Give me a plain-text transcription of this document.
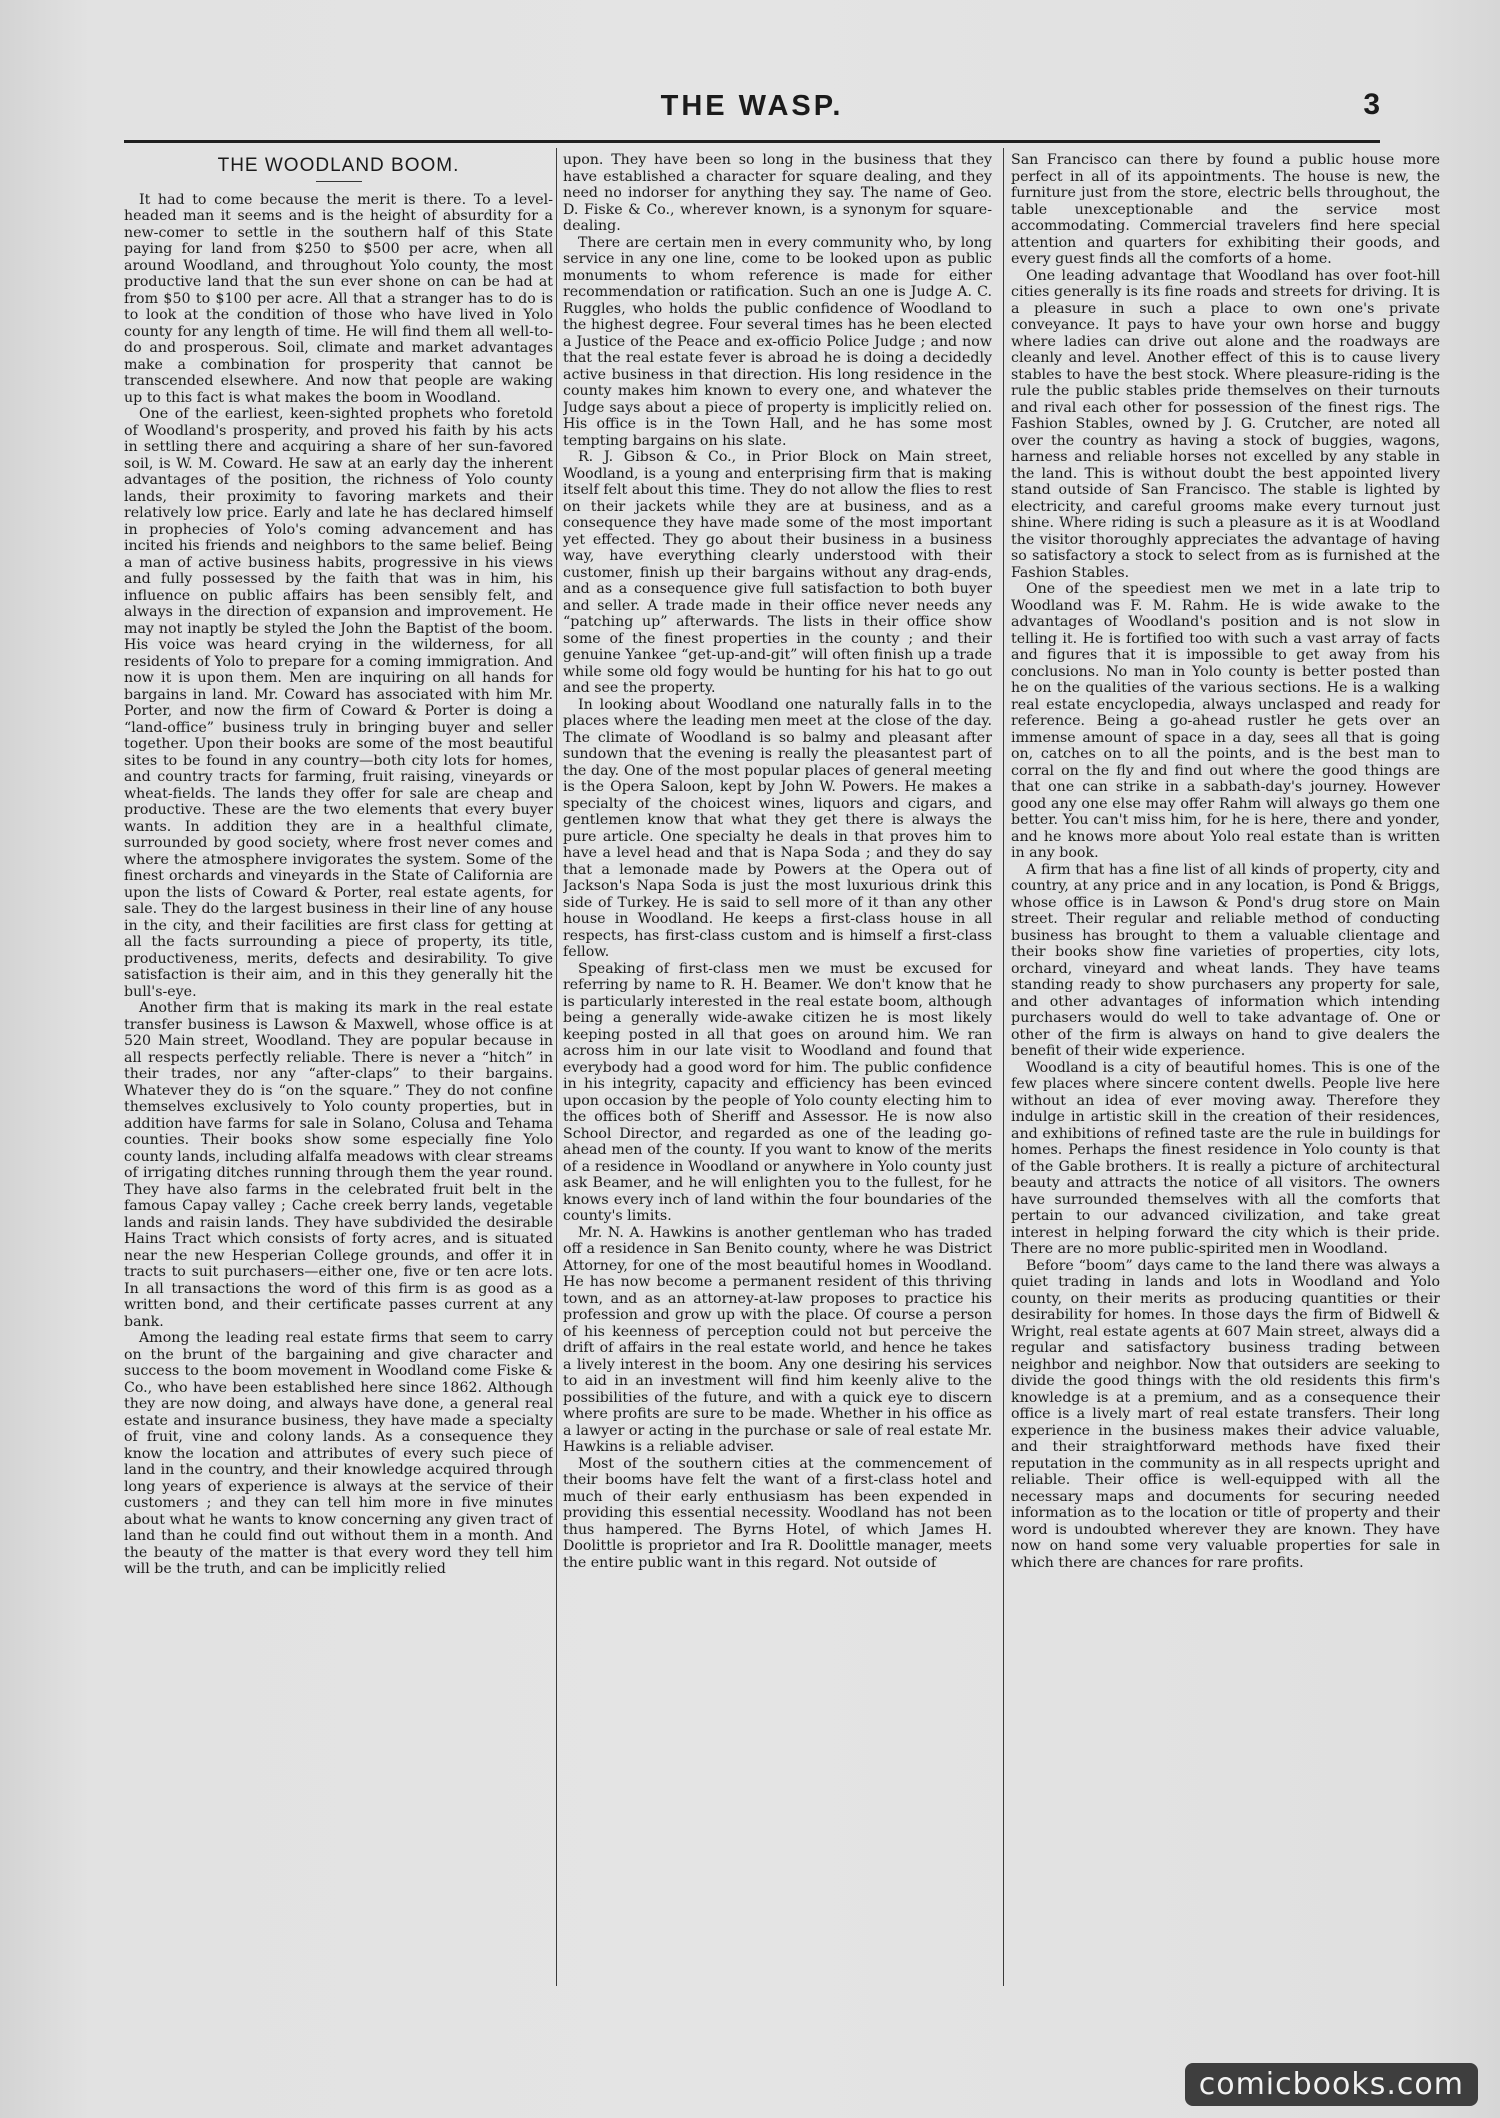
THE WASP.	3
THE WOODLAND BOOM.

It had to come because the merit is there. To a level-headed man it seems and is the height of absurdity for a new-comer to settle in the southern half of this State paying for land from $250 to $500 per acre, when all around Woodland, and throughout Yolo county, the most productive land that the sun ever shone on can be had at from $50 to $100 per acre. All that a stranger has to do is to look at the condition of those who have lived in Yolo county for any length of time. He will find them all well-to-do and prosperous. Soil, climate and market advantages make a combination for prosperity that cannot be transcended elsewhere. And now that people are waking up to this fact is what makes the boom in Woodland.

One of the earliest, keen-sighted prophets who foretold of Woodland's prosperity, and proved his faith by his acts in settling there and acquiring a share of her sun-favored soil, is W. M. Coward. He saw at an early day the inherent advantages of the position, the richness of Yolo county lands, their proximity to favoring markets and their relatively low price. Early and late he has declared himself in prophecies of Yolo's coming advancement and has incited his friends and neighbors to the same belief. Being a man of active business habits, progressive in his views and fully possessed by the faith that was in him, his influence on public affairs has been sensibly felt, and always in the direction of expansion and improvement. He may not inaptly be styled the John the Baptist of the boom. His voice was heard crying in the wilderness, for all residents of Yolo to prepare for a coming immigration. And now it is upon them. Men are inquiring on all hands for bargains in land. Mr. Coward has associated with him Mr. Porter, and now the firm of Coward & Porter is doing a “land-office” business truly in bringing buyer and seller together. Upon their books are some of the most beautiful sites to be found in any country—both city lots for homes, and country tracts for farming, fruit raising, vineyards or wheat-fields. The lands they offer for sale are cheap and productive. These are the two elements that every buyer wants. In addition they are in a healthful climate, surrounded by good society, where frost never comes and where the atmosphere invigorates the system. Some of the finest orchards and vineyards in the State of California are upon the lists of Coward & Porter, real estate agents, for sale. They do the largest business in their line of any house in the city, and their facilities are first class for getting at all the facts surrounding a piece of property, its title, productiveness, merits, defects and desirability. To give satisfaction is their aim, and in this they generally hit the bull's-eye.

Another firm that is making its mark in the real estate transfer business is Lawson & Maxwell, whose office is at 520 Main street, Woodland. They are popular because in all respects perfectly reliable. There is never a “hitch” in their trades, nor any “after-claps” to their bargains. Whatever they do is “on the square.” They do not confine themselves exclusively to Yolo county properties, but in addition have farms for sale in Solano, Colusa and Tehama counties. Their books show some especially fine Yolo county lands, including alfalfa meadows with clear streams of irrigating ditches running through them the year round. They have also farms in the celebrated fruit belt in the famous Capay valley ; Cache creek berry lands, vegetable lands and raisin lands. They have subdivided the desirable Hains Tract which consists of forty acres, and is situated near the new Hesperian College grounds, and offer it in tracts to suit purchasers—either one, five or ten acre lots. In all transactions the word of this firm is as good as a written bond, and their certificate passes current at any bank.

Among the leading real estate firms that seem to carry on the brunt of the bargaining and give character and success to the boom movement in Woodland come Fiske & Co., who have been established here since 1862. Although they are now doing, and always have done, a general real estate and insurance business, they have made a specialty of fruit, vine and colony lands. As a consequence they know the location and attributes of every such piece of land in the country, and their knowledge acquired through long years of experience is always at the service of their customers ; and they can tell him more in five minutes about what he wants to know concerning any given tract of land than he could find out without them in a month. And the beauty of the matter is that every word they tell him will be the truth, and can be implicitly relied

upon. They have been so long in the business that they have established a character for square dealing, and they need no indorser for anything they say. The name of Geo. D. Fiske & Co., wherever known, is a synonym for square-dealing.

There are certain men in every community who, by long service in any one line, come to be looked upon as public monuments to whom reference is made for either recommendation or ratification. Such an one is Judge A. C. Ruggles, who holds the public confidence of Woodland to the highest degree. Four several times has he been elected a Justice of the Peace and ex-officio Police Judge ; and now that the real estate fever is abroad he is doing a decidedly active business in that direction. His long residence in the county makes him known to every one, and whatever the Judge says about a piece of property is implicitly relied on. His office is in the Town Hall, and he has some most tempting bargains on his slate.

R. J. Gibson & Co., in Prior Block on Main street, Woodland, is a young and enterprising firm that is making itself felt about this time. They do not allow the flies to rest on their jackets while they are at business, and as a consequence they have made some of the most important yet effected. They go about their business in a business way, have everything clearly understood with their customer, finish up their bargains without any drag-ends, and as a consequence give full satisfaction to both buyer and seller. A trade made in their office never needs any “patching up” afterwards. The lists in their office show some of the finest properties in the county ; and their genuine Yankee “get-up-and-git” will often finish up a trade while some old fogy would be hunting for his hat to go out and see the property.

In looking about Woodland one naturally falls in to the places where the leading men meet at the close of the day. The climate of Woodland is so balmy and pleasant after sundown that the evening is really the pleasantest part of the day. One of the most popular places of general meeting is the Opera Saloon, kept by John W. Powers. He makes a specialty of the choicest wines, liquors and cigars, and gentlemen know that what they get there is always the pure article. One specialty he deals in that proves him to have a level head and that is Napa Soda ; and they do say that a lemonade made by Powers at the Opera out of Jackson's Napa Soda is just the most luxurious drink this side of Turkey. He is said to sell more of it than any other house in Woodland. He keeps a first-class house in all respects, has first-class custom and is himself a first-class fellow.

Speaking of first-class men we must be excused for referring by name to R. H. Beamer. We don't know that he is particularly interested in the real estate boom, although being a generally wide-awake citizen he is most likely keeping posted in all that goes on around him. We ran across him in our late visit to Woodland and found that everybody had a good word for him. The public confidence in his integrity, capacity and efficiency has been evinced upon occasion by the people of Yolo county electing him to the offices both of Sheriff and Assessor. He is now also School Director, and regarded as one of the leading go-ahead men of the county. If you want to know of the merits of a residence in Woodland or anywhere in Yolo county just ask Beamer, and he will enlighten you to the fullest, for he knows every inch of land within the four boundaries of the county's limits.

Mr. N. A. Hawkins is another gentleman who has traded off a residence in San Benito county, where he was District Attorney, for one of the most beautiful homes in Woodland. He has now become a permanent resident of this thriving town, and as an attorney-at-law proposes to practice his profession and grow up with the place. Of course a person of his keenness of perception could not but perceive the drift of affairs in the real estate world, and hence he takes a lively interest in the boom. Any one desiring his services to aid in an investment will find him keenly alive to the possibilities of the future, and with a quick eye to discern where profits are sure to be made. Whether in his office as a lawyer or acting in the purchase or sale of real estate Mr. Hawkins is a reliable adviser.

Most of the southern cities at the commencement of their booms have felt the want of a first-class hotel and much of their early enthusiasm has been expended in providing this essential necessity. Woodland has not been thus hampered. The Byrns Hotel, of which James H. Doolittle is proprietor and Ira R. Doolittle manager, meets the entire public want in this regard. Not outside of

San Francisco can there by found a public house more perfect in all of its appointments. The house is new, the furniture just from the store, electric bells throughout, the table unexceptionable and the service most accommodating. Commercial travelers find here special attention and quarters for exhibiting their goods, and every guest finds all the comforts of a home.

One leading advantage that Woodland has over foot-hill cities generally is its fine roads and streets for driving. It is a pleasure in such a place to own one's private conveyance. It pays to have your own horse and buggy where ladies can drive out alone and the roadways are cleanly and level. Another effect of this is to cause livery stables to have the best stock. Where pleasure-riding is the rule the public stables pride themselves on their turnouts and rival each other for possession of the finest rigs. The Fashion Stables, owned by J. G. Crutcher, are noted all over the country as having a stock of buggies, wagons, harness and reliable horses not excelled by any stable in the land. This is without doubt the best appointed livery stand outside of San Francisco. The stable is lighted by electricity, and careful grooms make every turnout just shine. Where riding is such a pleasure as it is at Woodland the visitor thoroughly appreciates the advantage of having so satisfactory a stock to select from as is furnished at the Fashion Stables.

One of the speediest men we met in a late trip to Woodland was F. M. Rahm. He is wide awake to the advantages of Woodland's position and is not slow in telling it. He is fortified too with such a vast array of facts and figures that it is impossible to get away from his conclusions. No man in Yolo county is better posted than he on the qualities of the various sections. He is a walking real estate encyclopedia, always unclasped and ready for reference. Being a go-ahead rustler he gets over an immense amount of space in a day, sees all that is going on, catches on to all the points, and is the best man to corral on the fly and find out where the good things are that one can strike in a sabbath-day's journey. However good any one else may offer Rahm will always go them one better. You can't miss him, for he is here, there and yonder, and he knows more about Yolo real estate than is written in any book.

A firm that has a fine list of all kinds of property, city and country, at any price and in any location, is Pond & Briggs, whose office is in Lawson & Pond's drug store on Main street. Their regular and reliable method of conducting business has brought to them a valuable clientage and their books show fine varieties of properties, city lots, orchard, vineyard and wheat lands. They have teams standing ready to show purchasers any property for sale, and other advantages of information which intending purchasers would do well to take advantage of. One or other of the firm is always on hand to give dealers the benefit of their wide experience.

Woodland is a city of beautiful homes. This is one of the few places where sincere content dwells. People live here without an idea of ever moving away. Therefore they indulge in artistic skill in the creation of their residences, and exhibitions of refined taste are the rule in buildings for homes. Perhaps the finest residence in Yolo county is that of the Gable brothers. It is really a picture of architectural beauty and attracts the notice of all visitors. The owners have surrounded themselves with all the comforts that pertain to our advanced civilization, and take great interest in helping forward the city which is their pride. There are no more public-spirited men in Woodland.

Before “boom” days came to the land there was always a quiet trading in lands and lots in Woodland and Yolo county, on their merits as producing quantities or their desirability for homes. In those days the firm of Bidwell & Wright, real estate agents at 607 Main street, always did a regular and satisfactory business trading between neighbor and neighbor. Now that outsiders are seeking to divide the good things with the old residents this firm's knowledge is at a premium, and as a consequence their office is a lively mart of real estate transfers. Their long experience in the business makes their advice valuable, and their straightforward methods have fixed their reputation in the community as in all respects upright and reliable. Their office is well-equipped with all the necessary maps and documents for securing needed information as to the location or title of property and their word is undoubted wherever they are known. They have now on hand some very valuable properties for sale in which there are chances for rare profits.

comicbooks.com
